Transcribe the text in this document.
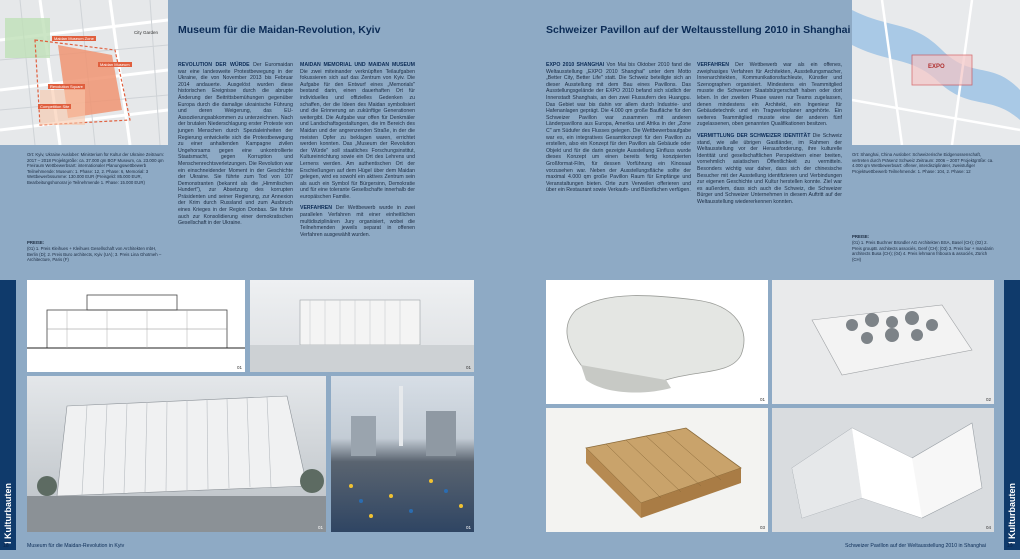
I Kulturbauten
City Garden
Maidan Museum Zone
Maidan Museum
Revolution Square
Competition Site
Ort: Kyiv, Ukraine Auslober: Ministerium für Kultur der Ukraine Zeitraum: 2017 – 2018 Projektgröße: ca. 37.000 qm BGF Museum, ca. 23.000 qm Freiraum Wettbewerbsart: internationaler Planungswettbewerb Teilnehmende: Museum: 1. Phase: 12, 2. Phase: 6, Memorial: 3 Wettbewerbssumme: 130.000 EUR (Preisgeld: 85.000 EUR, Bearbeitungshonorar je Teilnehmende 1. Phase: 15.000 EUR)
PREISE:
(01) 1. Preis Kleihues + Kleihues Gesellschaft von Architekten mbH, Berlin (D); 2. Preis Buro architects, Kyiv (UA); 3. Preis Lina Ghotmeh – Architecture, Paris (F)
Museum für die Maidan-Revolution, Kyiv
REVOLUTION DER WÜRDE Der Euromaidan war eine landesweite Protestbewegung in der Ukraine, die von November 2013 bis Februar 2014 andauerte. Ausgelöst wurden diese historischen Ereignisse durch die abrupte Änderung der Beitrittsbemühungen gegenüber Europa durch die damalige ukrainische Führung und deren Weigerung, das EU-Assoziierungsabkommen zu unterzeichnen. Nach der brutalen Niederschlagung erster Proteste von jungen Menschen durch Spezialeinheiten der Regierung entwickelte sich die Protestbewegung zu einer anhaltenden Kampagne zivilen Ungehorsams gegen eine unkontrollierte Staatsmacht, gegen Korruption und Menschenrechtsverletzungen. Die Revolution war ein einschneidender Moment in der Geschichte der Ukraine. Sie führte zum Tod von 107 Demonstranten (bekannt als die „Himmlischen Hundert"), zur Absetzung des korrupten Präsidenten und seiner Regierung, zur Annexion der Krim durch Russland und zum Ausbruch eines Krieges in der Region Donbas. Sie führte auch zur Konsolidierung einer demokratischen Gesellschaft in der Ukraine.
MAIDAN MEMORIAL UND MAIDAN MUSEUM Die zwei miteinander verknüpften Teilaufgaben fokussieren sich auf das Zentrum von Kyiv. Die Aufgabe für den Entwurf eines „Memorials" bestand darin, einen dauerhaften Ort für individuelles und offizielles Gedenken zu schaffen, der die Ideen des Maidan symbolisiert und die Erinnerung an zukünftige Generationen weitergibt. Die Aufgabe war offen für Denkmäler und Landschaftsgestaltungen, die im Bereich des Maidan und der angrenzenden Straße, in der die meisten Opfer zu beklagen waren, errichtet werden konnten. Das „Museum der Revolution der Würde" soll staatliches Forschungsinstitut, Kultureinrichtung sowie ein Ort des Lehrens und Lernens werden. Am authentischen Ort der Erschießungen auf dem Hügel über dem Maidan gelegen, wird es sowohl ein aktives Zentrum sein als auch ein Symbol für Bürgersinn, Demokratie und für eine tolerante Gesellschafte innerhalb der europäischen Familie.
VERFAHREN Der Wettbewerb wurde in zwei parallelen Verfahren mit einer einheitlichen multidisziplinären Jury organisiert, wobei die Teilnehmenden jeweils separat in offenen Verfahren ausgewählt wurden.
01	01
01	01
Museum für die Maidan-Revolution in Kyiv
18
I Kulturbauten
Schweizer Pavillon auf der Weltausstellung 2010 in Shanghai
EXPO 2010 SHANGHAI Von Mai bis Oktober 2010 fand die Weltausstellung „EXPO 2010 Shanghai" unter dem Motto „Better City, Better Life" statt. Die Schweiz beteiligte sich an dieser Ausstellung mit dem Bau eines Pavillons. Das Ausstellungsgelände der EXPO 2010 befand sich südlich der Innenstadt Shanghais, an den zwei Flussufern des Huangpu. Das Gebiet war bis dahin vor allem durch Industrie- und Hafenanlagen geprägt. Die 4.000 qm große Baufläche für den Schweizer Pavillon war zusammen mit anderen Länderpavillons aus Europa, Amerika und Afrika in der „Zone C" am Südufer des Flusses gelegen. Die Wettbewerbsaufgabe war es, ein integratives Gesamtkonzept für den Pavillon zu erstellen, also ein Konzept für den Pavillon als Gebäude oder Objekt und für die darin gezeigte Ausstellung Einfluss wurde dieses Konzept um einen bereits fertig konzipierten Großformat-Film, für dessen Vorführung ein Kinosaal vorzusehen war. Neben der Ausstellungsfläche sollte der maximal 4.000 qm große Pavillon Raum für Empfänge und Veranstaltungen bieten. Orte zum Verweilen offerieren und über ein Restaurant sowie Verkaufs- und Bürofächen verfügen.
VERFAHREN Der Wettbewerb war als ein offenes, zweiphasiges Verfahren für Architekten, Ausstellungsmacher, Innenarchitekten, Kommunikationsfachleute, Künstler und Szenographen organisiert. Mindestens ein Teammitglied musste die Schweizer Staatsbürgerschaft haben oder dort leben. In der zweiten Phase waren nur Teams zugelassen, denen mindestens ein Architekt, ein Ingenieur für Gebäudetechnik und ein Tragwerksplaner angehörte. Ein weiteres Teammitglied musste eine der anderen fünf zugelassenen, oben genannten Qualifikationen besitzen.
VERMITTLUNG DER SCHWEIZER IDENTITÄT Die Schweiz stand, wie alle übrigen Gastländer, im Rahmen der Weltausstellung vor der Herausforderung, ihre kulturelle Identität und gesellschaftlichen Perspektiven einer breiten, vornehmlich asiatischen Öffentlichkeit zu vermitteln. Besonders wichtig war daher, dass sich der chinesische Besucher mit der Ausstellung identifizieren und Verbindungen zur eigenen Geschichte und Kultur herstellen konnte. Ziel war es außerdem, dass sich auch die Schweiz, die Schweizer Bürger und Schweizer Unternehmen in diesem Auftritt auf der Weltausstellung wiedererkennen konnten.
EXPO
Ort: Shanghai, China Auslober: Schweizerische Eidgenossenschaft, vertreten durch Präsenz Schweiz Zeitraum: 2006 – 2007 Projektgröße: ca. 4.000 qm Wettbewerbsart: offener, interdisziplinärer, zweistufiger Projektwettbewerb Teilnehmende: 1. Phase: 104, 2. Phase: 12
PREISE:
(01) 1. Preis Buchner Bründler AG Architekten BSA, Basel (CH); (02) 2. Preis groupB. architects associés, Genf (CH); (03) 3. Preis bur + mandarin architects Busa (CH); (04) 4. Preis lehmann friboura & associés, Zürich (CH)
01	02
03	04
Schweizer Pavillon auf der Weltausstellung 2010 in Shanghai	19
